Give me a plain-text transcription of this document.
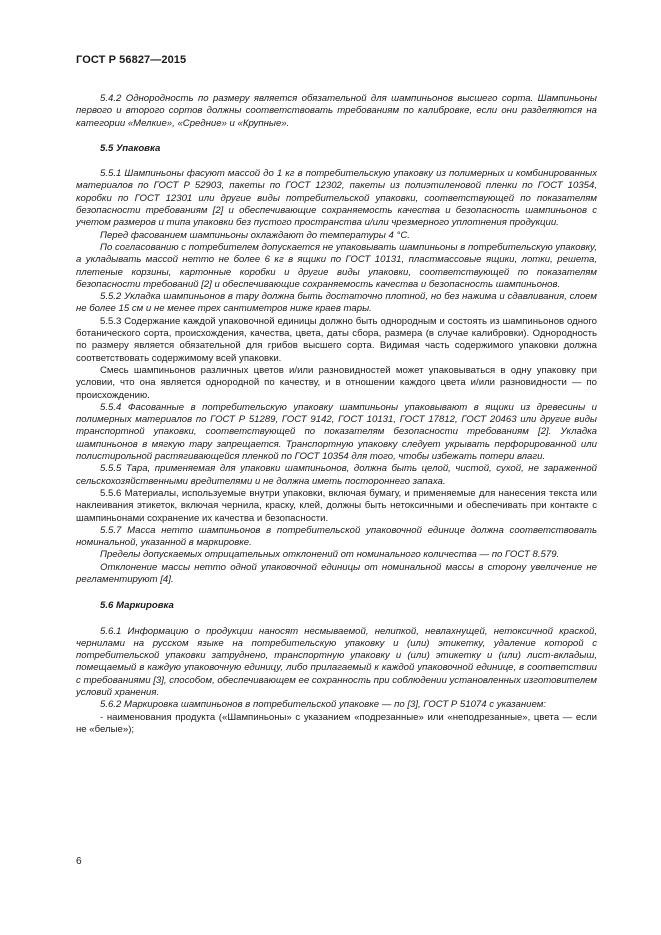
ГОСТ Р 56827—2015

5.4.2 Однородность по размеру является обязательной для шампиньонов высшего сорта. Шампиньоны первого и второго сортов должны соответствовать требованиям по калибровке, если они разделяются на категории «Мелкие», «Средние» и «Крупные».

5.5 Упаковка

5.5.1 Шампиньоны фасуют массой до 1 кг в потребительскую упаковку из полимерных и комбинированных материалов по ГОСТ Р 52903, пакеты по ГОСТ 12302, пакеты из полиэтиленовой пленки по ГОСТ 10354, коробки по ГОСТ 12301 или другие виды потребительской упаковки, соответствующей по показателям безопасности требованиям [2] и обеспечивающие сохраняемость качества и безопасность шампиньонов с учетом размеров и типа упаковки без пустого пространства и/или чрезмерного уплотнения продукции.

Перед фасованием шампиньоны охлаждают до температуры 4 °С.

По согласованию с потребителем допускается не упаковывать шампиньоны в потребительскую упаковку, а укладывать массой нетто не более 6 кг в ящики по ГОСТ 10131, пластмассовые ящики, лотки, решета, плетеные корзины, картонные коробки и другие виды упаковки, соответствующей по показателям безопасности требований [2] и обеспечивающие сохраняемость качества и безопасность шампиньонов.

5.5.2 Укладка шампиньонов в тару должна быть достаточно плотной, но без нажима и сдавливания, слоем не более 15 см и не менее трех сантиметров ниже краев тары.

5.5.3 Содержание каждой упаковочной единицы должно быть однородным и состоять из шампиньонов одного ботанического сорта, происхождения, качества, цвета, даты сбора, размера (в случае калибровки). Однородность по размеру является обязательной для грибов высшего сорта. Видимая часть содержимого упаковки должна соответствовать содержимому всей упаковки.

Смесь шампиньонов различных цветов и/или разновидностей может упаковываться в одну упаковку при условии, что она является однородной по качеству, и в отношении каждого цвета и/или разновидности — по происхождению.

5.5.4 Фасованные в потребительскую упаковку шампиньоны упаковывают в ящики из древесины и полимерных материалов по ГОСТ Р 51289, ГОСТ 9142, ГОСТ 10131, ГОСТ 17812, ГОСТ 20463 или другие виды транспортной упаковки, соответствующей по показателям безопасности требованиям [2]. Укладка шампиньонов в мягкую тару запрещается. Транспортную упаковку следует укрывать перфорированной или полистирольной растягивающейся пленкой по ГОСТ 10354 для того, чтобы избежать потери влаги.

5.5.5 Тара, применяемая для упаковки шампиньонов, должна быть целой, чистой, сухой, не зараженной сельскохозяйственными вредителями и не должна иметь постороннего запаха.

5.5.6 Материалы, используемые внутри упаковки, включая бумагу, и применяемые для нанесения текста или наклеивания этикеток, включая чернила, краску, клей, должны быть нетоксичными и обеспечивать при контакте с шампиньонами сохранение их качества и безопасности.

5.5.7 Масса нетто шампиньонов в потребительской упаковочной единице должна соответствовать номинальной, указанной в маркировке.

Пределы допускаемых отрицательных отклонений от номинального количества — по ГОСТ 8.579.

Отклонение массы нетто одной упаковочной единицы от номинальной массы в сторону увеличение не регламентируют [4].

5.6 Маркировка

5.6.1 Информацию о продукции наносят несмываемой, нелипкой, невлахнущей, нетоксичной краской, чернилами на русском языке на потребительскую упаковку и (или) этикетку, удаление которой с потребительской упаковки затруднено, транспортную упаковку и (или) этикетку и (или) лист-вкладыш, помещаемый в каждую упаковочную единицу, либо прилагаемый к каждой упаковочной единице, в соответствии с требованиями [3], способом, обеспечивающем ее сохранность при соблюдении установленных изготовителем условий хранения.

5.6.2 Маркировка шампиньонов в потребительской упаковке — по [3], ГОСТ Р 51074 с указанием:

- наименования продукта («Шампиньоны» с указанием «подрезанные» или «неподрезанные», цвета — если не «белые»);

6
